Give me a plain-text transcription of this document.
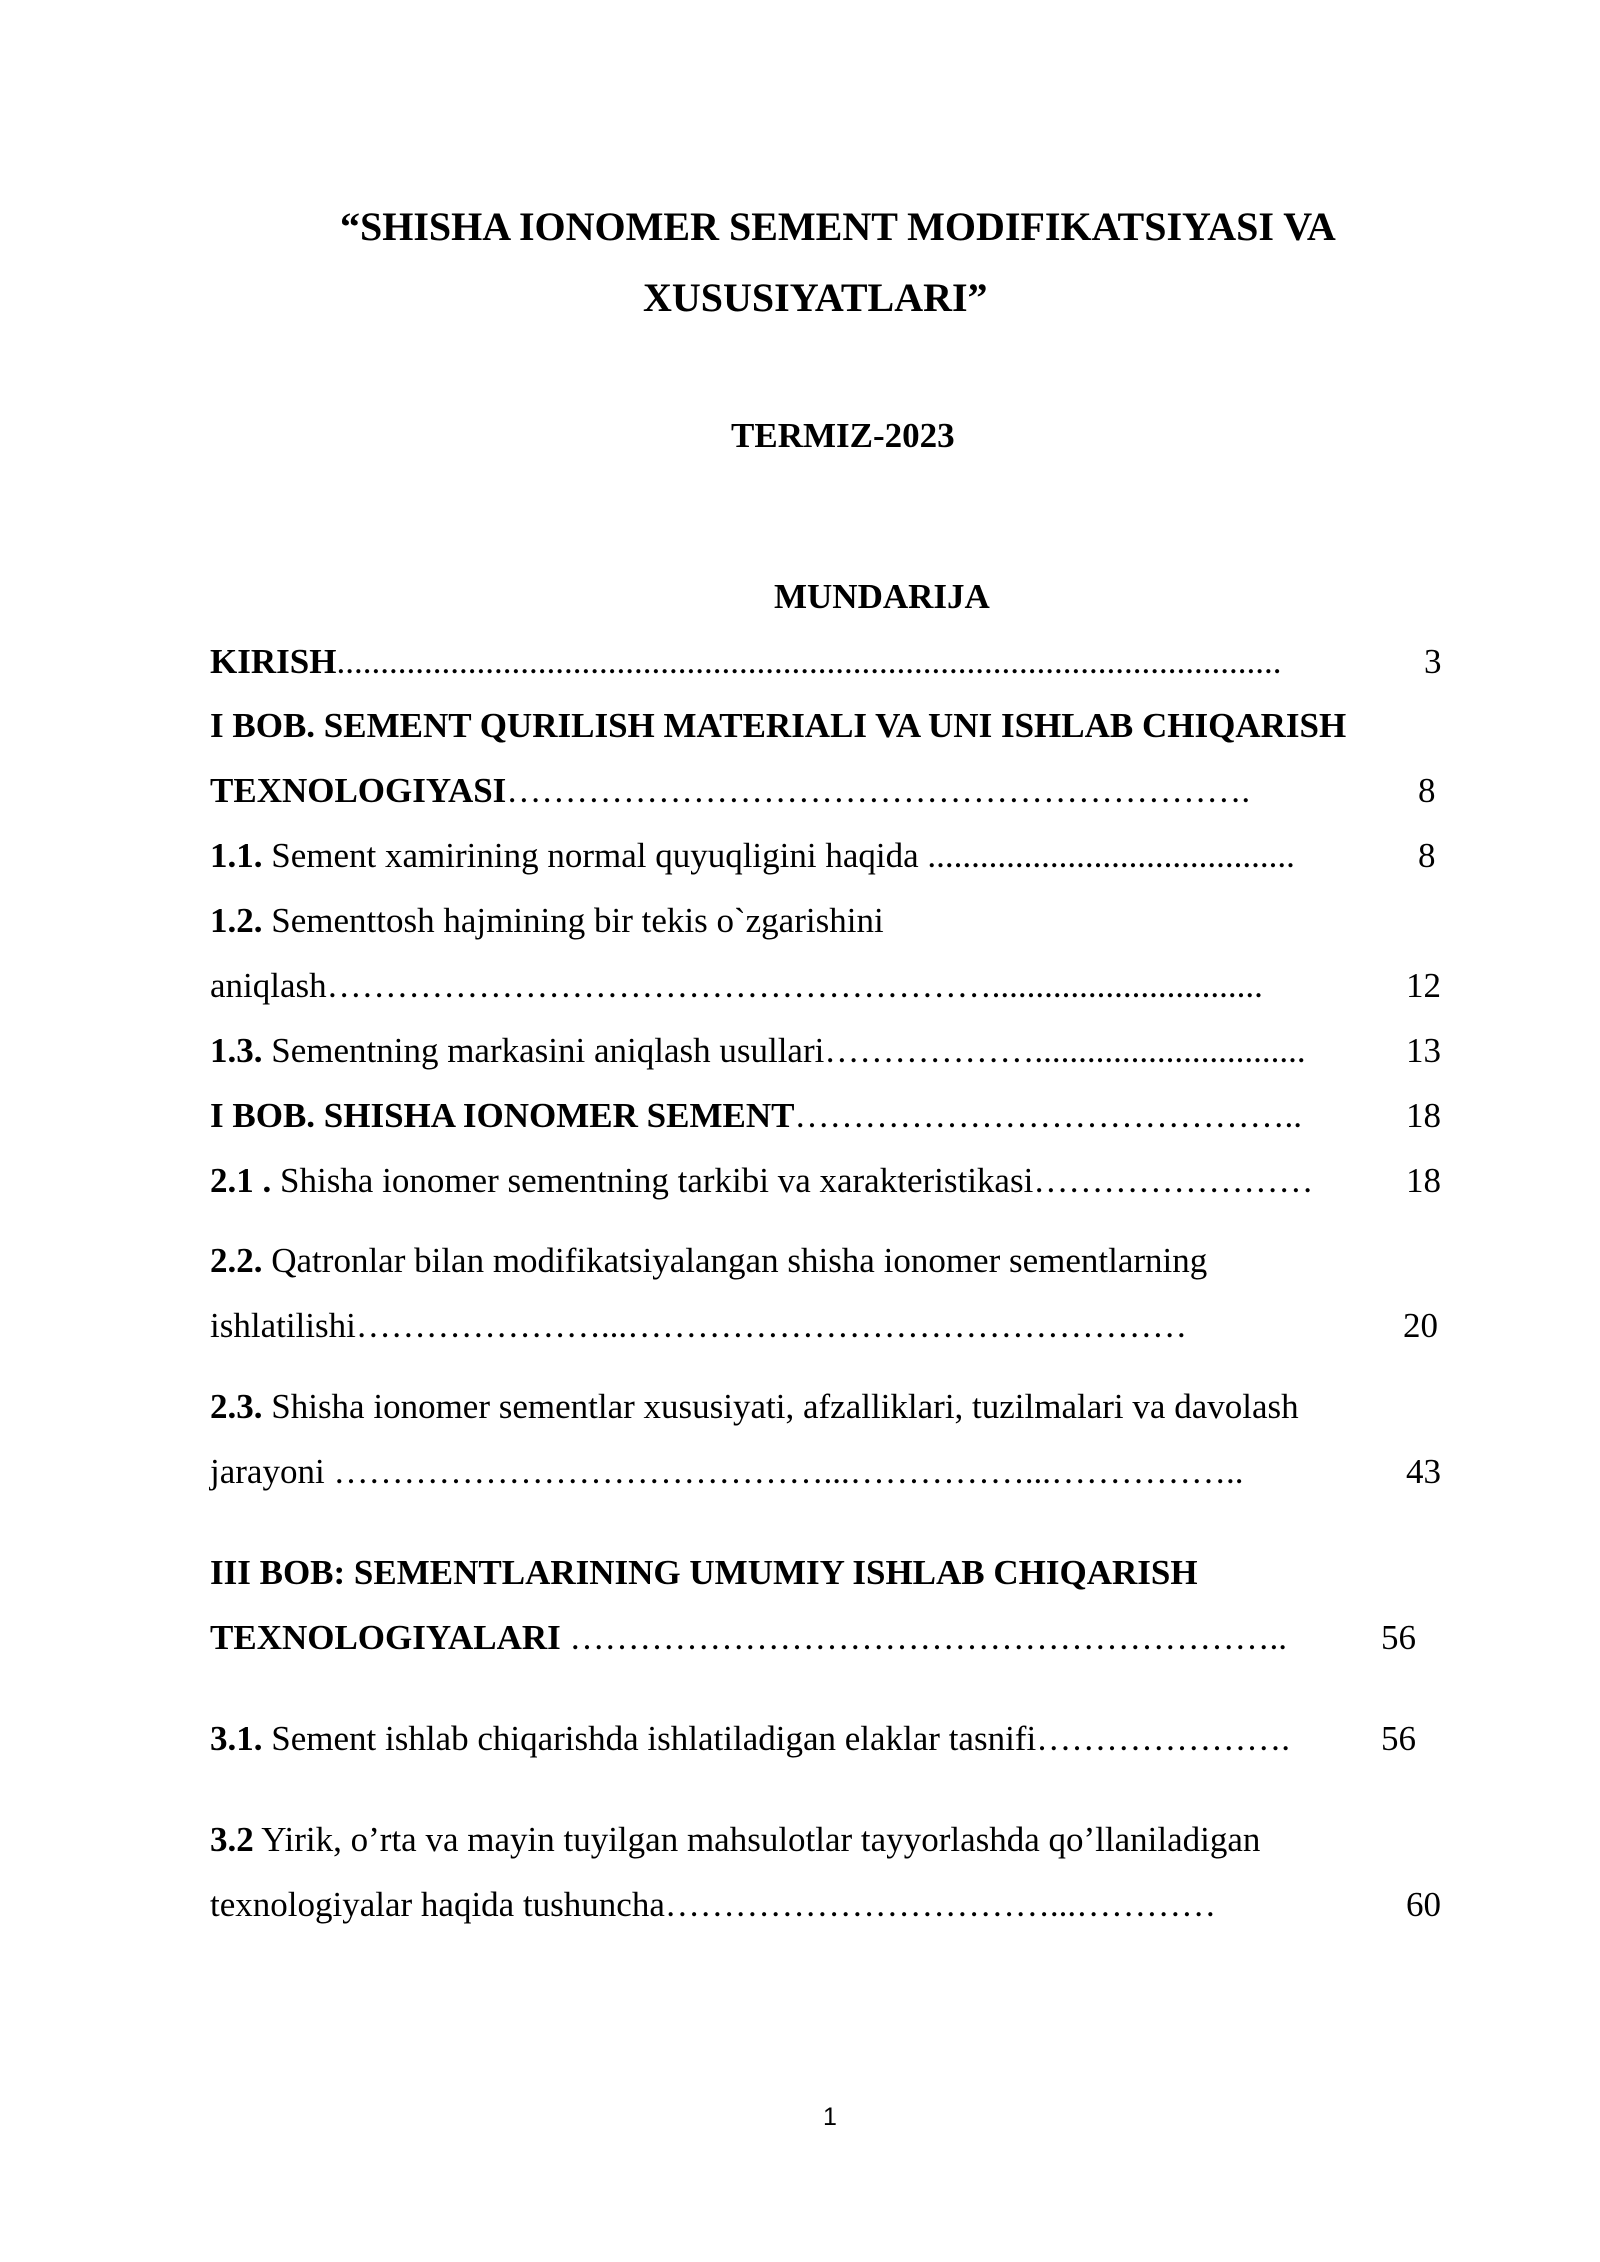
“SHISHA IONOMER SEMENT MODIFIKATSIYASI VA
XUSUSIYATLARI”
TERMIZ-2023
MUNDARIJA
KIRISH............................................................................................................	3
I BOB. SEMENT QURILISH MATERIALI VA UNI ISHLAB CHIQARISH
TEXNOLOGIYASI……………………………………………………….	8
1.1. Sement xamirining normal quyuqligini haqida ..........................................	8
1.2. Sementtosh hajmining bir tekis o`zgarishini
aniqlash…………………………………………………...............................	12
1.3. Sementning markasini aniqlash usullari………………...............................	13
I BOB. SHISHA IONOMER SEMENT……………………………………..	18
2.1 . Shisha ionomer sementning tarkibi va xarakteristikasi……………………	18
2.2. Qatronlar bilan modifikatsiyalangan shisha ionomer sementlarning
ishlatilishi…………………...…………………………………………	20
2.3. Shisha ionomer sementlar xususiyati, afzalliklari, tuzilmalari va davolash
jarayoni ……………………………………...……………...……………..	43
III BOB: SEMENTLARINING UMUMIY ISHLAB CHIQARISH
TEXNOLOGIYALARI ……………………………………………………..	56
3.1. Sement ishlab chiqarishda ishlatiladigan elaklar tasnifi………………….	56
3.2 Yirik, o’rta va mayin tuyilgan mahsulotlar tayyorlashda qo’llaniladigan
texnologiyalar haqida tushuncha……………………………...…………	60
1
